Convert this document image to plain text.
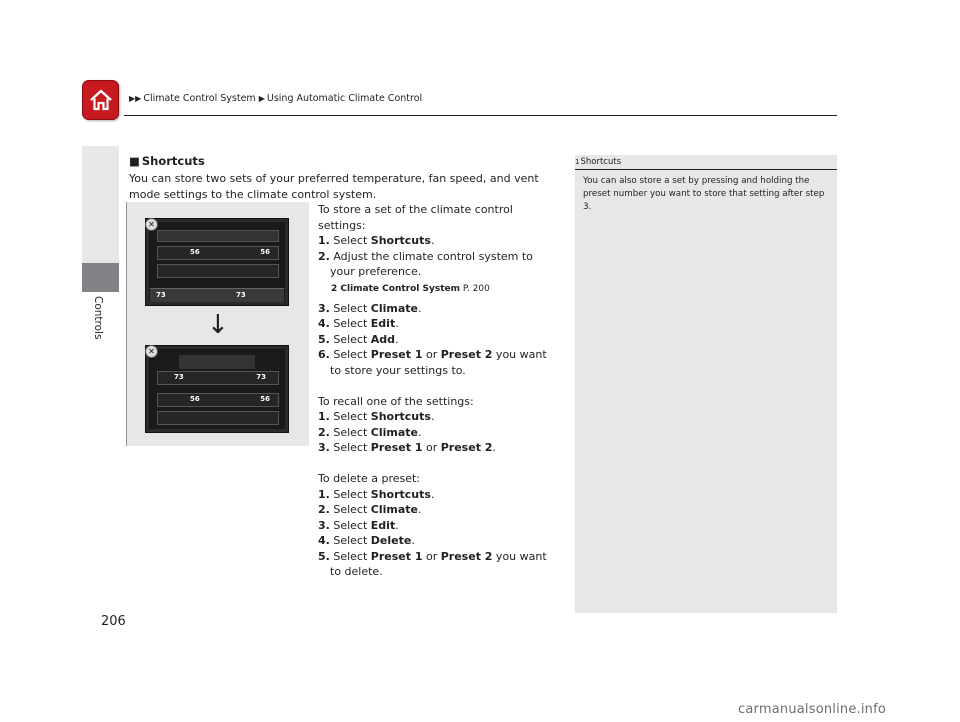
▶▶ Climate Control System ▶ Using Automatic Climate Control
Controls
206
■ Shortcuts
You can store two sets of your preferred temperature, fan speed, and vent mode settings to the climate control system.
56	56
✕
73	73
↓
73	73
56	56
✕

To store a set of the climate control settings:

1. Select Shortcuts.

2. Adjust the climate control system to your preference.

2 Climate Control System P. 200

3. Select Climate.

4. Select Edit.

5. Select Add.

6. Select Preset 1 or Preset 2 you want to store your settings to.

To recall one of the settings:

1. Select Shortcuts.

2. Select Climate.

3. Select Preset 1 or Preset 2.

To delete a preset:

1. Select Shortcuts.

2. Select Climate.

3. Select Edit.

4. Select Delete.

5. Select Preset 1 or Preset 2 you want to delete.

1Shortcuts
You can also store a set by pressing and holding the preset number you want to store that setting after step 3.
carmanualsonline.info
